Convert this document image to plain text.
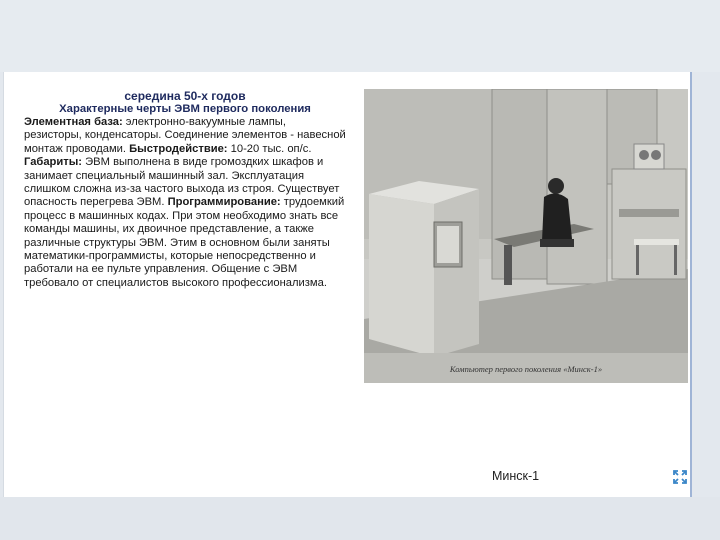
середина 50-х годов
Характерные черты ЭВМ первого поколения

Элементная база: электронно-вакуумные лампы, резисторы, конденсаторы. Соединение элементов - навесной монтаж проводами. Быстродействие: 10-20 тыс. оп/с. Габариты: ЭВМ выполнена в виде громоздких шкафов и занимает специальный машинный зал. Эксплуатация слишком сложна из-за частого выхода из строя. Существует опасность перегрева ЭВМ. Программирование: трудоемкий процесс в машинных кодах. При этом необходимо знать все команды машины, их двоичное представление, а также различные структуры ЭВМ. Этим в основном были заняты математики-программисты, которые непосредственно и работали на ее пульте управления. Общение с ЭВМ требовало от специалистов высокого профессионализма.

Компьютер первого поколения «Минск-1»
Минск-1
